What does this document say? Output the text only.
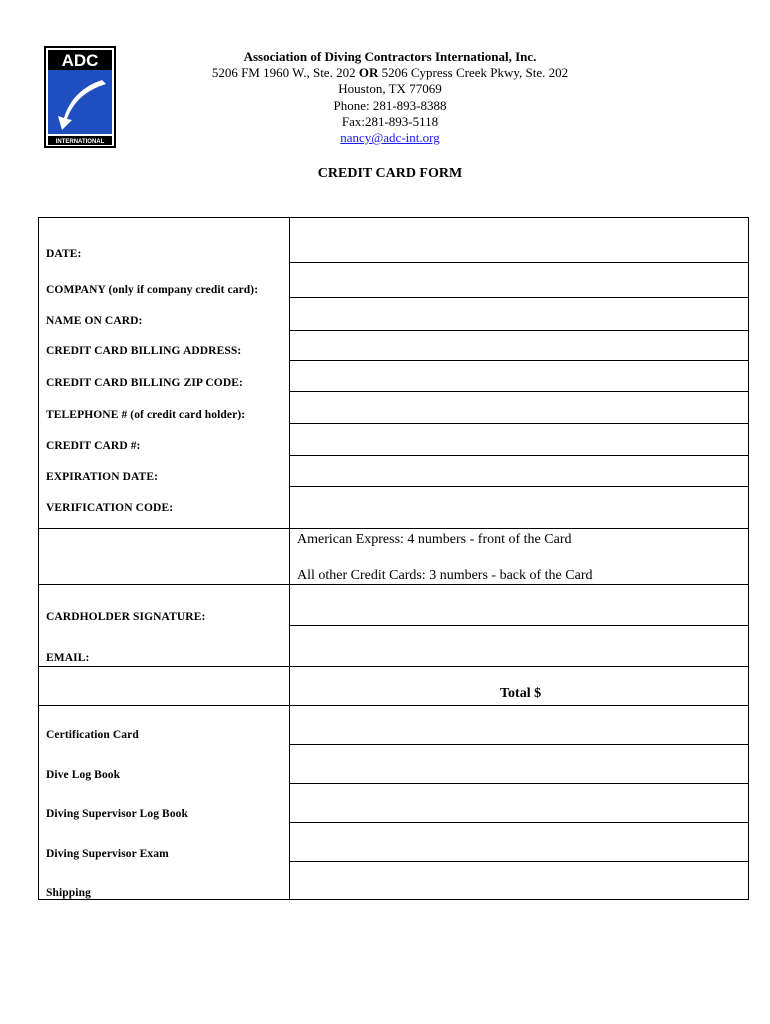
ADC
INTERNATIONAL
Association of Diving Contractors International, Inc.
5206 FM 1960 W., Ste. 202 OR 5206 Cypress Creek Pkwy, Ste. 202
Houston, TX 77069
Phone: 281-893-8388
Fax:281-893-5118
nancy@adc-int.org
CREDIT CARD FORM
DATE:
COMPANY (only if company credit card):
NAME ON CARD:
CREDIT CARD BILLING ADDRESS:
CREDIT CARD BILLING ZIP CODE:
TELEPHONE # (of credit card holder):
CREDIT CARD #:
EXPIRATION DATE:
VERIFICATION CODE:
CARDHOLDER SIGNATURE:
EMAIL:
American Express: 4 numbers - front of the Card
All other Credit Cards: 3 numbers - back of the Card
Total $
Certification Card
Dive Log Book
Diving Supervisor Log Book
Diving Supervisor Exam
Shipping
